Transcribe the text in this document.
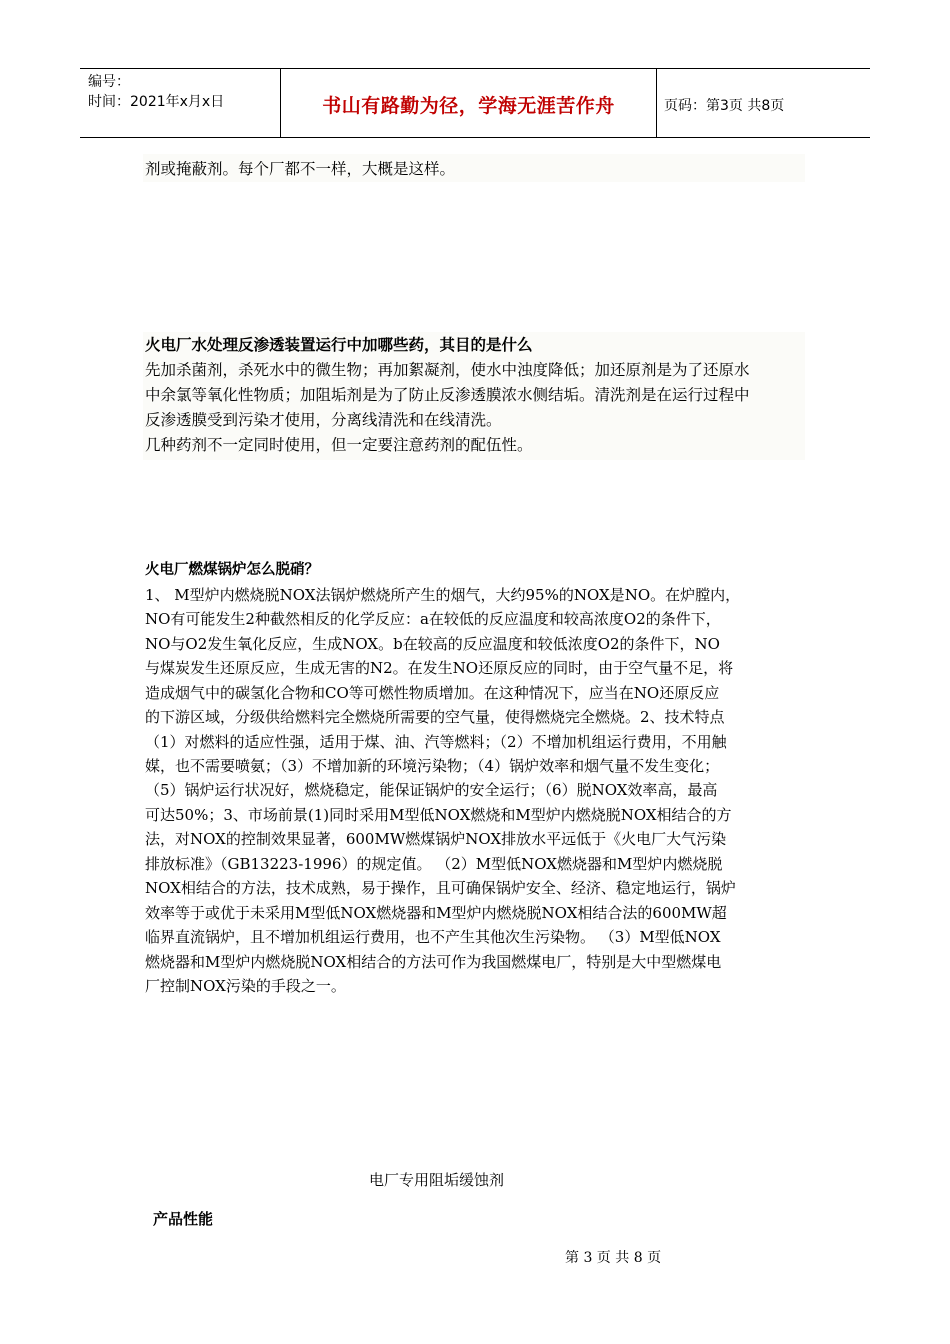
编号：
时间：2021年x月x日	书山有路勤为径，学海无涯苦作舟	页码：第3页 共8页
剂或掩蔽剂。每个厂都不一样，大概是这样。
火电厂水处理反渗透装置运行中加哪些药，其目的是什么
先加杀菌剂，杀死水中的微生物；再加絮凝剂，使水中浊度降低；加还原剂是为了还原水
中余氯等氧化性物质；加阻垢剂是为了防止反渗透膜浓水侧结垢。清洗剂是在运行过程中
反渗透膜受到污染才使用，分离线清洗和在线清洗。
几种药剂不一定同时使用，但一定要注意药剂的配伍性。
火电厂燃煤锅炉怎么脱硝？
1、 M型炉内燃烧脱NOX法锅炉燃烧所产生的烟气，大约95%的NOX是NO。在炉膛内，
NO有可能发生2种截然相反的化学反应：a在较低的反应温度和较高浓度O2的条件下，
NO与O2发生氧化反应，生成NOX。b在较高的反应温度和较低浓度O2的条件下，NO
与煤炭发生还原反应，生成无害的N2。在发生NO还原反应的同时，由于空气量不足，将
造成烟气中的碳氢化合物和CO等可燃性物质增加。在这种情况下，应当在NO还原反应
的下游区域，分级供给燃料完全燃烧所需要的空气量，使得燃烧完全燃烧。2、技术特点
（1）对燃料的适应性强，适用于煤、油、汽等燃料；（2）不增加机组运行费用，不用触
媒，也不需要喷氨；（3）不增加新的环境污染物；（4）锅炉效率和烟气量不发生变化；
（5）锅炉运行状况好，燃烧稳定，能保证锅炉的安全运行；（6）脱NOX效率高，最高
可达50%；3、市场前景(1)同时采用M型低NOX燃烧和M型炉内燃烧脱NOX相结合的方
法，对NOX的控制效果显著，600MW燃煤锅炉NOX排放水平远低于《火电厂大气污染
排放标准》（GB13223-1996）的规定值。 （2）M型低NOX燃烧器和M型炉内燃烧脱
NOX相结合的方法，技术成熟，易于操作，且可确保锅炉安全、经济、稳定地运行，锅炉
效率等于或优于未采用M型低NOX燃烧器和M型炉内燃烧脱NOX相结合法的600MW超
临界直流锅炉，且不增加机组运行费用，也不产生其他次生污染物。 （3）M型低NOX
燃烧器和M型炉内燃烧脱NOX相结合的方法可作为我国燃煤电厂，特别是大中型燃煤电
厂控制NOX污染的手段之一。
电厂专用阻垢缓蚀剂
产品性能
第 3 页 共 8 页
